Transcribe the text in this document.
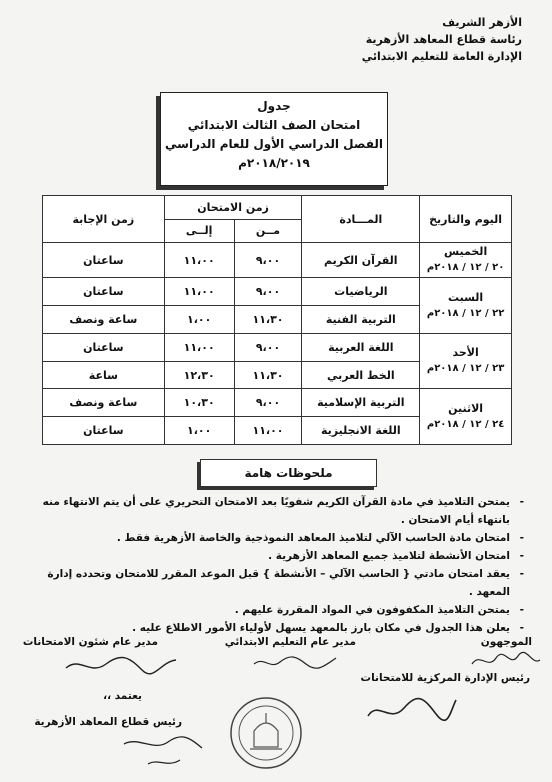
الأزهر الشريف
رئاسة قطاع المعاهد الأزهرية
الإدارة العامة للتعليم الابتدائي
جدول
امتحان الصف الثالث الابتدائي
الفصل الدراسي الأول للعام الدراسي
٢٠١٨/٢٠١٩م
اليوم والتاريخ	المـــادة	زمن الامتحان		زمن الإجابة
		مــن	إلــى	

الخميس
٢٠ / ١٢ / ٢٠١٨م	القرآن الكريم	٩،٠٠	١١،٠٠	ساعتان

السبت
٢٢ / ١٢ / ٢٠١٨م	الرياضيات	٩،٠٠	١١،٠٠	ساعتان
	التربية الفنية	١١،٣٠	١،٠٠	ساعة ونصف

الأحد
٢٣ / ١٢ / ٢٠١٨م	اللغة العربية	٩،٠٠	١١،٠٠	ساعتان
	الخط العربي	١١،٣٠	١٢،٣٠	ساعة

الاثنين
٢٤ / ١٢ / ٢٠١٨م	التربية الإسلامية	٩،٠٠	١٠،٣٠	ساعة ونصف
	اللغة الانجليزية	١١،٠٠	١،٠٠	ساعتان
ملحوظات هامة
- يمتحن التلاميذ في مادة القرآن الكريم شفويًا بعد الامتحان التحريري على أن يتم الانتهاء منه بانتهاء أيام الامتحان .
- امتحان مادة الحاسب الآلي لتلاميذ المعاهد النموذجية والخاصة الأزهرية فقط .
- امتحان الأنشطة لتلاميذ جميع المعاهد الأزهرية .
- يعقد امتحان مادتي { الحاسب الآلي – الأنشطة } قبل الموعد المقرر للامتحان وتحدده إدارة المعهد .
- يمتحن التلاميذ المكفوفون في المواد المقررة عليهم .
- يعلن هذا الجدول في مكان بارز بالمعهد يسهل لأولياء الأمور الاطلاع عليه .
الموجهون
مدير عام التعليم الابتدائي
مدير عام شئون الامتحانات
رئيس الإدارة المركزية للامتحانات
يعتمد ،،
رئيس قطاع المعاهد الأزهرية
